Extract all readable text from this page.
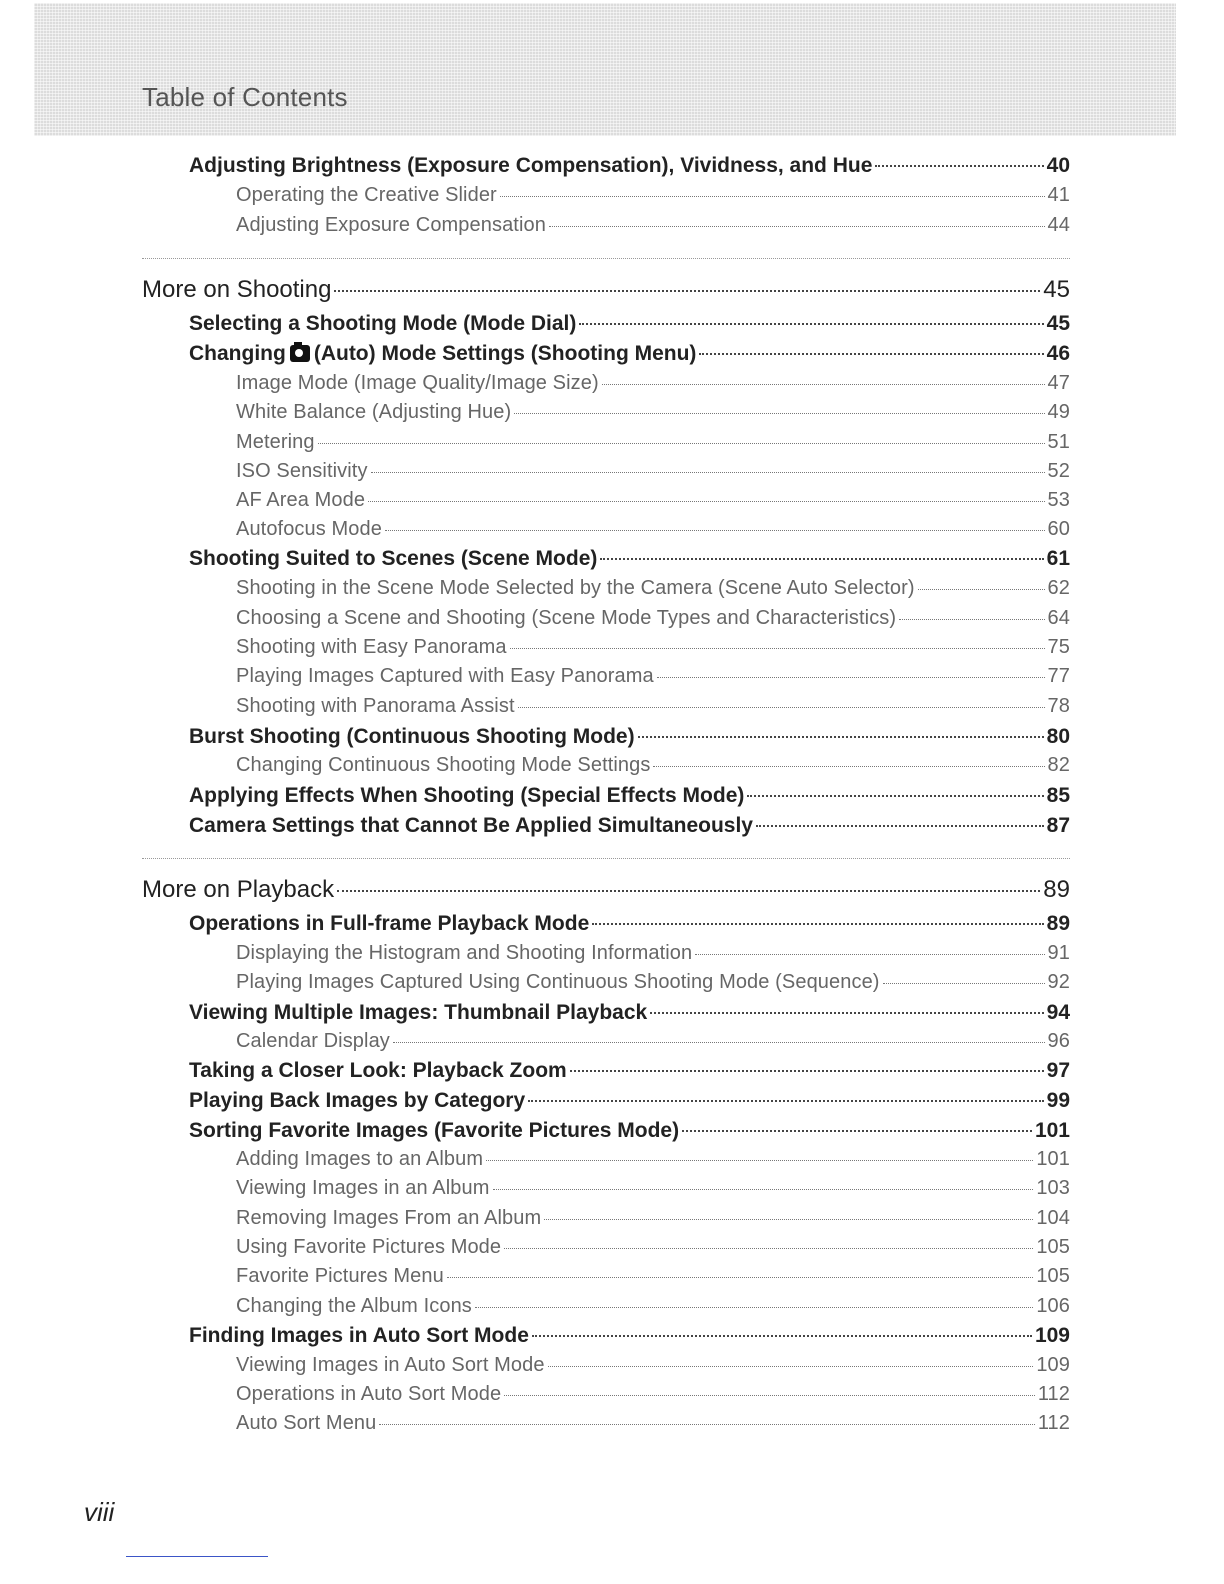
Table of Contents
Adjusting Brightness (Exposure Compensation), Vividness, and Hue	40
Operating the Creative Slider	41
Adjusting Exposure Compensation	44
More on Shooting	45
Selecting a Shooting Mode (Mode Dial)	45
Changing (Auto) Mode Settings (Shooting Menu)	46
Image Mode (Image Quality/Image Size)	47
White Balance (Adjusting Hue)	49
Metering	51
ISO Sensitivity	52
AF Area Mode	53
Autofocus Mode	60
Shooting Suited to Scenes (Scene Mode)	61
Shooting in the Scene Mode Selected by the Camera (Scene Auto Selector)	62
Choosing a Scene and Shooting (Scene Mode Types and Characteristics)	64
Shooting with Easy Panorama	75
Playing Images Captured with Easy Panorama	77
Shooting with Panorama Assist	78
Burst Shooting (Continuous Shooting Mode)	80
Changing Continuous Shooting Mode Settings	82
Applying Effects When Shooting (Special Effects Mode)	85
Camera Settings that Cannot Be Applied Simultaneously	87
More on Playback	89
Operations in Full-frame Playback Mode	89
Displaying the Histogram and Shooting Information	91
Playing Images Captured Using Continuous Shooting Mode (Sequence)	92
Viewing Multiple Images: Thumbnail Playback	94
Calendar Display	96
Taking a Closer Look: Playback Zoom	97
Playing Back Images by Category	99
Sorting Favorite Images (Favorite Pictures Mode)	101
Adding Images to an Album	101
Viewing Images in an Album	103
Removing Images From an Album	104
Using Favorite Pictures Mode	105
Favorite Pictures Menu	105
Changing the Album Icons	106
Finding Images in Auto Sort Mode	109
Viewing Images in Auto Sort Mode	109
Operations in Auto Sort Mode	112
Auto Sort Menu	112
viii
